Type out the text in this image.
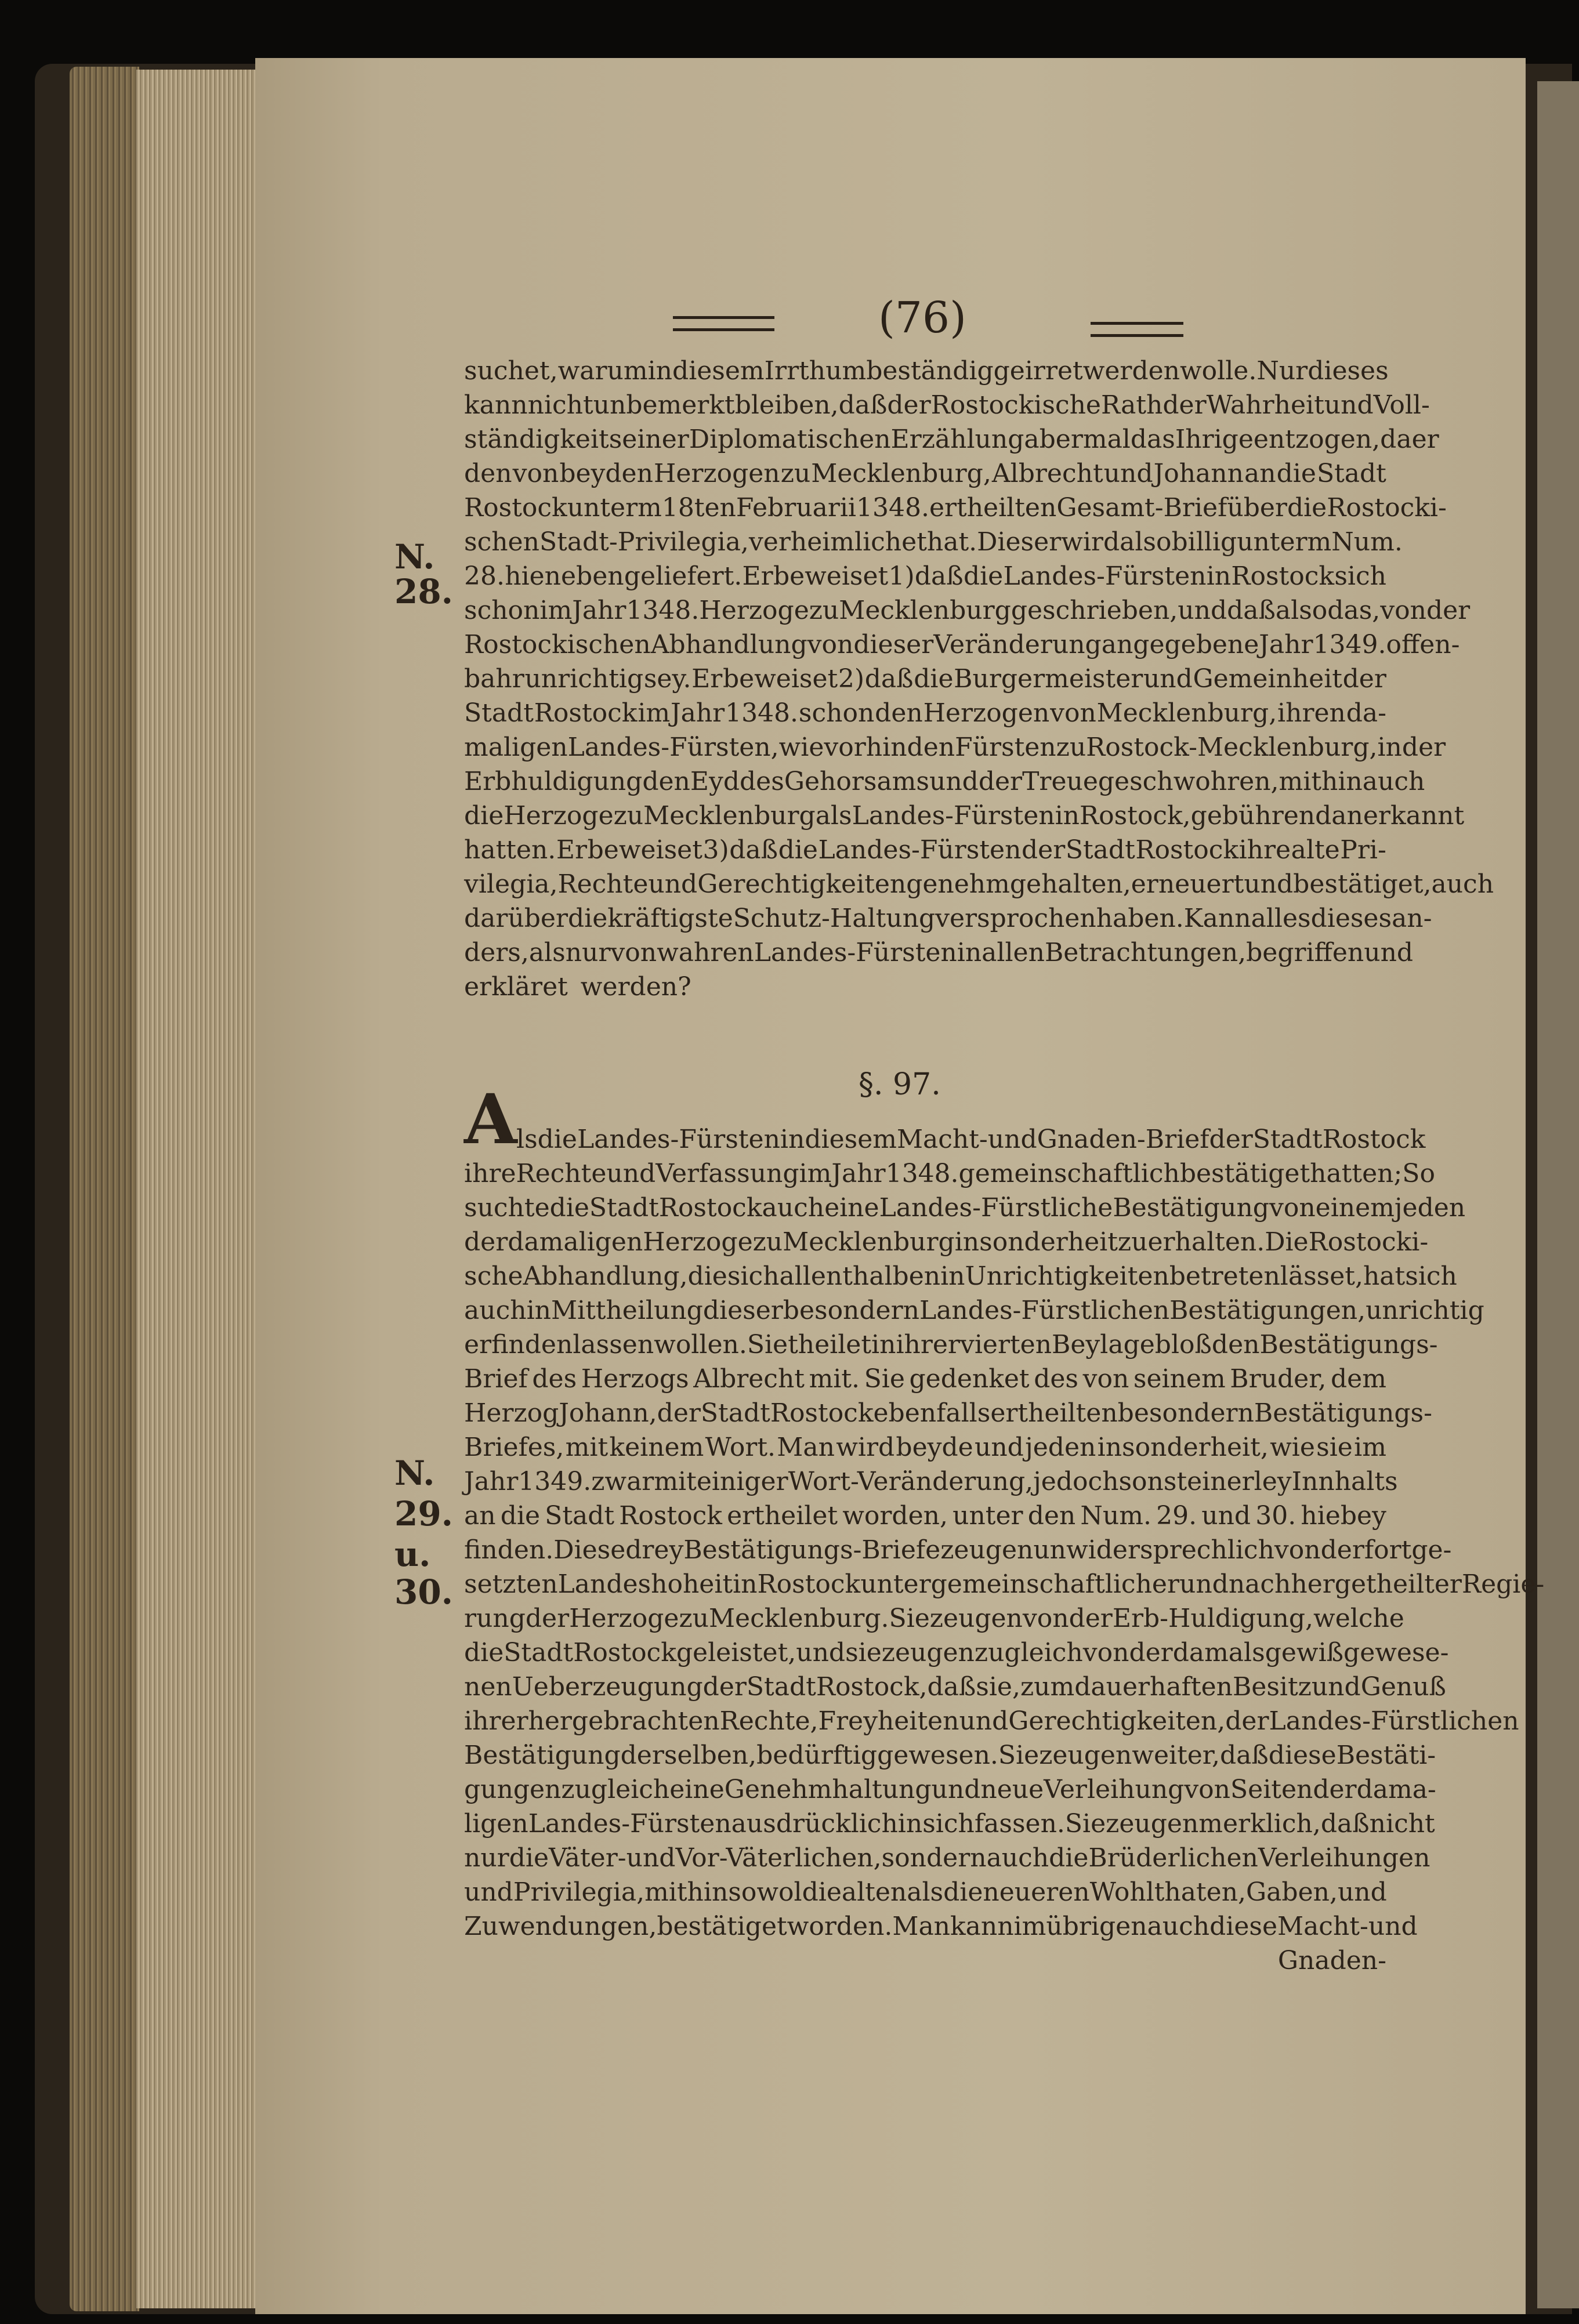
(76)
suchet, warum in diesem Irrthum beständig geirret werden wolle. Nur dieses
kann nicht unbemerkt bleiben, daß der Rostockische Rath der Wahrheit und Voll-
ständigkeit seiner Diplomatischen Erzählung abermal das Ihrige entzogen, da er
den von beyden Herzogen zu Mecklenburg, Albrecht und Johann an die Stadt
Rostock unterm 18ten Februarii 1348. ertheilten Gesamt-Brief über die Rostocki-
schen Stadt-Privilegia, verheimlichet hat. Dieser wird also billig unterm Num.
28. hieneben geliefert. Er beweiset 1) daß die Landes-Fürsten in Rostock sich
schon im Jahr 1348. Herzoge zu Mecklenburg geschrieben, und daß also das, von der
Rostockischen Abhandlung von dieser Veränderung angegebene Jahr 1349. offen-
bahr unrichtig sey. Er beweiset 2) daß die Burgermeister und Gemeinheit der
Stadt Rostock im Jahr 1348. schon den Herzogen von Mecklenburg, ihren da-
maligen Landes-Fürsten, wie vorhin den Fürsten zu Rostock-Mecklenburg, in der
Erbhuldigung den Eyd des Gehorsams und der Treue geschwohren, mithin auch
die Herzoge zu Mecklenburg als Landes-Fürsten in Rostock, gebührend anerkannt
hatten. Er beweiset 3) daß die Landes-Fürsten der Stadt Rostock ihre alte Pri-
vilegia, Rechte und Gerechtigkeiten genehmgehalten, erneuert und bestätiget, auch
darüber die kräftigste Schutz-Haltung versprochen haben. Kann alles dieses an-
ders, als nur von wahren Landes-Fürsten in allen Betrachtungen, begriffen und
erkläret werden?
N.
28.
§. 97.
A
ls die Landes-Fürsten in diesem Macht- und Gnaden-Brief der Stadt Rostock
ihre Rechte und Verfassung im Jahr 1348. gemeinschaftlich bestätiget hatten; So
suchte die Stadt Rostock auch eine Landes-Fürstliche Bestätigung von einem jeden
der damaligen Herzoge zu Mecklenburg insonderheit zu erhalten. Die Rostocki-
sche Abhandlung, die sich allenthalben in Unrichtigkeiten betreten lässet, hat sich
auch in Mittheilung dieser besondern Landes-Fürstlichen Bestätigungen, unrichtig
erfinden lassen wollen. Sie theilet in ihrer vierten Beylage bloß den Bestätigungs-
Brief des Herzogs Albrecht mit. Sie gedenket des von seinem Bruder, dem
Herzog Johann, der Stadt Rostock ebenfalls ertheilten besondern Bestätigungs-
Briefes, mit keinem Wort. Man wird beyde und jeden insonderheit, wie sie im
Jahr 1349. zwar mit einiger Wort-Veränderung, jedoch sonst einerley Innhalts
an die Stadt Rostock ertheilet worden, unter den Num. 29. und 30. hiebey
finden. Diese drey Bestätigungs-Briefe zeugen unwidersprechlich von der fortge-
setzten Landeshoheit in Rostock unter gemeinschaftlicher und nachher getheilter Regie-
rung der Herzoge zu Mecklenburg. Sie zeugen von der Erb-Huldigung, welche
die Stadt Rostock geleistet, und sie zeugen zugleich von der damals gewiß gewese-
nen Ueberzeugung der Stadt Rostock, daß sie, zum dauerhaften Besitz und Genuß
ihrer hergebrachten Rechte, Freyheiten und Gerechtigkeiten, der Landes-Fürstlichen
Bestätigung derselben, bedürftig gewesen. Sie zeugen weiter, daß diese Bestäti-
gungen zugleich eine Genehmhaltung und neue Verleihung von Seiten der dama-
ligen Landes-Fürsten ausdrücklich in sich fassen. Sie zeugen merklich, daß nicht
nur die Väter- und Vor-Väterlichen, sondern auch die Brüderlichen Verleihungen
und Privilegia, mithin sowol die alten als die neueren Wohlthaten, Gaben, und
Zuwendungen, bestätiget worden. Man kann im übrigen auch diese Macht- und
Gnaden-
N.
29.
u.
30.
